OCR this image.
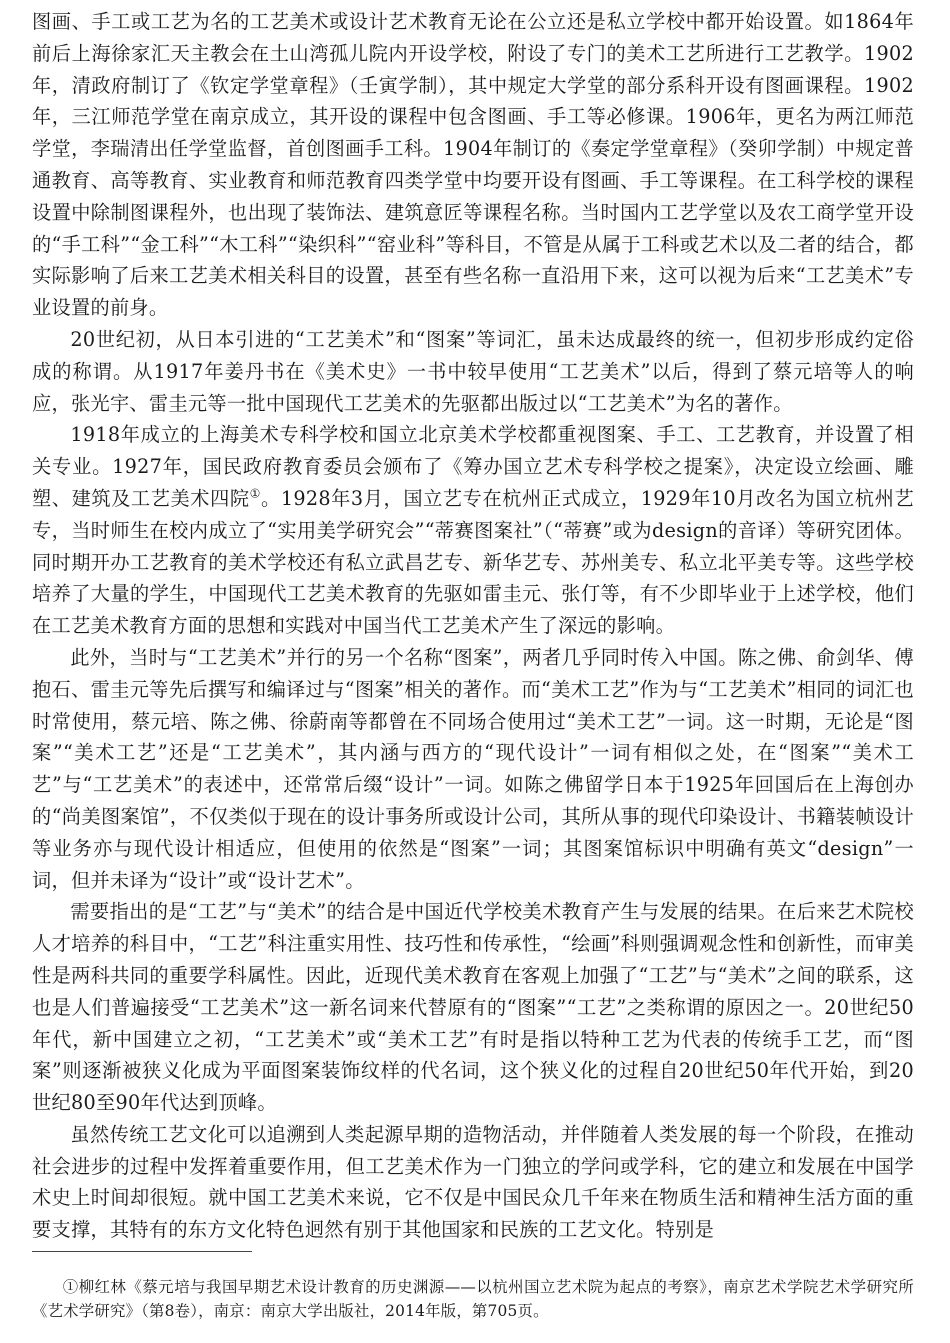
图画、手工或工艺为名的工艺美术或设计艺术教育无论在公立还是私立学校中都开始设置。如1864年前后上海徐家汇天主教会在土山湾孤儿院内开设学校，附设了专门的美术工艺所进行工艺教学。1902年，清政府制订了《钦定学堂章程》（壬寅学制），其中规定大学堂的部分系科开设有图画课程。1902年，三江师范学堂在南京成立，其开设的课程中包含图画、手工等必修课。1906年，更名为两江师范学堂，李瑞清出任学堂监督，首创图画手工科。1904年制订的《奏定学堂章程》（癸卯学制）中规定普通教育、高等教育、实业教育和师范教育四类学堂中均要开设有图画、手工等课程。在工科学校的课程设置中除制图课程外，也出现了装饰法、建筑意匠等课程名称。当时国内工艺学堂以及农工商学堂开设的“手工科”“金工科”“木工科”“染织科”“窑业科”等科目，不管是从属于工科或艺术以及二者的结合，都实际影响了后来工艺美术相关科目的设置，甚至有些名称一直沿用下来，这可以视为后来“工艺美术”专业设置的前身。

20世纪初，从日本引进的“工艺美术”和“图案”等词汇，虽未达成最终的统一，但初步形成约定俗成的称谓。从1917年姜丹书在《美术史》一书中较早使用“工艺美术”以后，得到了蔡元培等人的响应，张光宇、雷圭元等一批中国现代工艺美术的先驱都出版过以“工艺美术”为名的著作。

1918年成立的上海美术专科学校和国立北京美术学校都重视图案、手工、工艺教育，并设置了相关专业。1927年，国民政府教育委员会颁布了《筹办国立艺术专科学校之提案》，决定设立绘画、雕塑、建筑及工艺美术四院①。1928年3月，国立艺专在杭州正式成立，1929年10月改名为国立杭州艺专，当时师生在校内成立了“实用美学研究会”“蒂赛图案社”（“蒂赛”或为design的音译）等研究团体。同时期开办工艺教育的美术学校还有私立武昌艺专、新华艺专、苏州美专、私立北平美专等。这些学校培养了大量的学生，中国现代工艺美术教育的先驱如雷圭元、张仃等，有不少即毕业于上述学校，他们在工艺美术教育方面的思想和实践对中国当代工艺美术产生了深远的影响。

此外，当时与“工艺美术”并行的另一个名称“图案”，两者几乎同时传入中国。陈之佛、俞剑华、傅抱石、雷圭元等先后撰写和编译过与“图案”相关的著作。而“美术工艺”作为与“工艺美术”相同的词汇也时常使用，蔡元培、陈之佛、徐蔚南等都曾在不同场合使用过“美术工艺”一词。这一时期，无论是“图案”“美术工艺”还是“工艺美术”，其内涵与西方的“现代设计”一词有相似之处，在“图案”“美术工艺”与“工艺美术”的表述中，还常常后缀“设计”一词。如陈之佛留学日本于1925年回国后在上海创办的“尚美图案馆”，不仅类似于现在的设计事务所或设计公司，其所从事的现代印染设计、书籍装帧设计等业务亦与现代设计相适应，但使用的依然是“图案”一词；其图案馆标识中明确有英文“design”一词，但并未译为“设计”或“设计艺术”。

需要指出的是“工艺”与“美术”的结合是中国近代学校美术教育产生与发展的结果。在后来艺术院校人才培养的科目中，“工艺”科注重实用性、技巧性和传承性，“绘画”科则强调观念性和创新性，而审美性是两科共同的重要学科属性。因此，近现代美术教育在客观上加强了“工艺”与“美术”之间的联系，这也是人们普遍接受“工艺美术”这一新名词来代替原有的“图案”“工艺”之类称谓的原因之一。20世纪50年代，新中国建立之初，“工艺美术”或“美术工艺”有时是指以特种工艺为代表的传统手工艺，而“图案”则逐渐被狭义化成为平面图案装饰纹样的代名词，这个狭义化的过程自20世纪50年代开始，到20世纪80至90年代达到顶峰。

虽然传统工艺文化可以追溯到人类起源早期的造物活动，并伴随着人类发展的每一个阶段，在推动社会进步的过程中发挥着重要作用，但工艺美术作为一门独立的学问或学科，它的建立和发展在中国学术史上时间却很短。就中国工艺美术来说，它不仅是中国民众几千年来在物质生活和精神生活方面的重要支撑，其特有的东方文化特色迥然有别于其他国家和民族的工艺文化。特别是

①柳红林《蔡元培与我国早期艺术设计教育的历史渊源——以杭州国立艺术院为起点的考察》，南京艺术学院艺术学研究所《艺术学研究》（第8卷），南京：南京大学出版社，2014年版，第705页。
